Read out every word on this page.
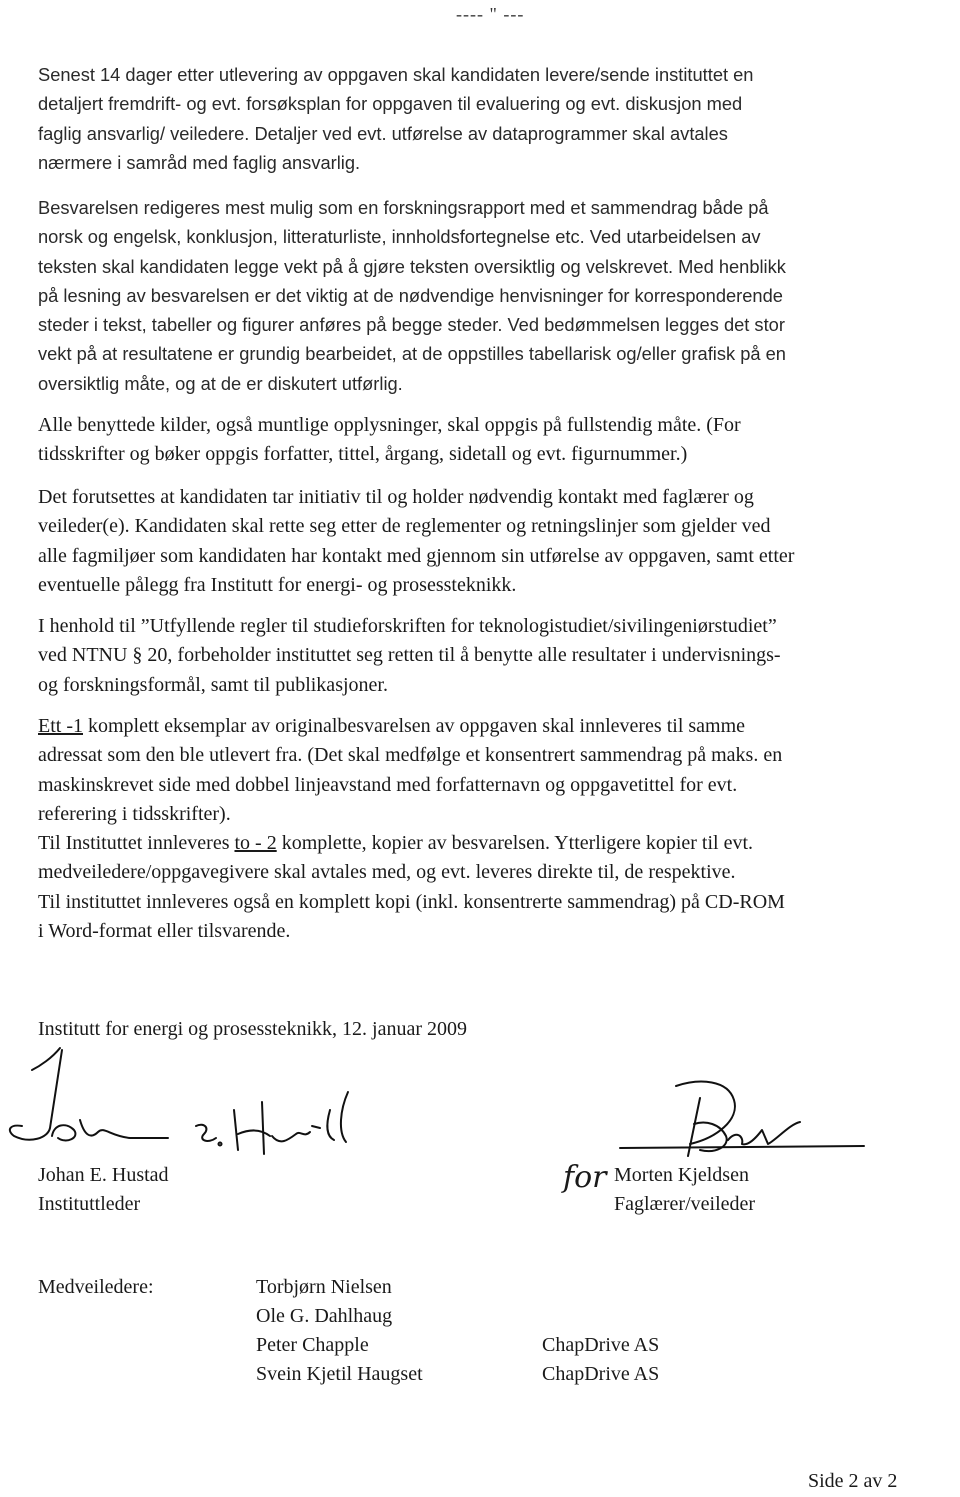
---- " ---

Senest 14 dager etter utlevering av oppgaven skal kandidaten levere/sende instituttet en
detaljert fremdrift- og evt. forsøksplan for oppgaven til evaluering og evt. diskusjon med
faglig ansvarlig/ veiledere. Detaljer ved evt. utførelse av dataprogrammer skal avtales
nærmere i samråd med faglig ansvarlig.

Besvarelsen redigeres mest mulig som en forskningsrapport med et sammendrag både på
norsk og engelsk, konklusjon, litteraturliste, innholdsfortegnelse etc. Ved utarbeidelsen av
teksten skal kandidaten legge vekt på å gjøre teksten oversiktlig og velskrevet. Med henblikk
på lesning av besvarelsen er det viktig at de nødvendige henvisninger for korresponderende
steder i tekst, tabeller og figurer anføres på begge steder. Ved bedømmelsen legges det stor
vekt på at resultatene er grundig bearbeidet, at de oppstilles tabellarisk og/eller grafisk på en
oversiktlig måte, og at de er diskutert utførlig.

Alle benyttede kilder, også muntlige opplysninger, skal oppgis på fullstendig måte. (For
tidsskrifter og bøker oppgis forfatter, tittel, årgang, sidetall og evt. figurnummer.)

Det forutsettes at kandidaten tar initiativ til og holder nødvendig kontakt med faglærer og
veileder(e). Kandidaten skal rette seg etter de reglementer og retningslinjer som gjelder ved
alle fagmiljøer som kandidaten har kontakt med gjennom sin utførelse av oppgaven, samt etter
eventuelle pålegg fra Institutt for energi- og prosessteknikk.

I henhold til ”Utfyllende regler til studieforskriften for teknologistudiet/sivilingeniørstudiet”
ved NTNU § 20, forbeholder instituttet seg retten til å benytte alle resultater i undervisnings-
og forskningsformål, samt til publikasjoner.

Ett -1 komplett eksemplar av originalbesvarelsen av oppgaven skal innleveres til samme
adressat som den ble utlevert fra. (Det skal medfølge et konsentrert sammendrag på maks. en
maskinskrevet side med dobbel linjeavstand med forfatternavn og oppgavetittel for evt.
referering i tidsskrifter).
Til Instituttet innleveres to - 2 komplette, kopier av besvarelsen. Ytterligere kopier til evt.
medveiledere/oppgavegivere skal avtales med, og evt. leveres direkte til, de respektive.
Til instituttet innleveres også en komplett kopi (inkl. konsentrerte sammendrag) på CD-ROM
i Word-format eller tilsvarende.

Institutt for energi og prosessteknikk, 12. januar 2009
Johan E. Hustad
Instituttleder
for Morten Kjeldsen
Faglærer/veileder
Medveiledere:	Torbjørn Nielsen
Ole G. Dahlhaug
Peter Chapple
Svein Kjetil Haugset
ChapDrive AS
ChapDrive AS
Side 2 av 2
